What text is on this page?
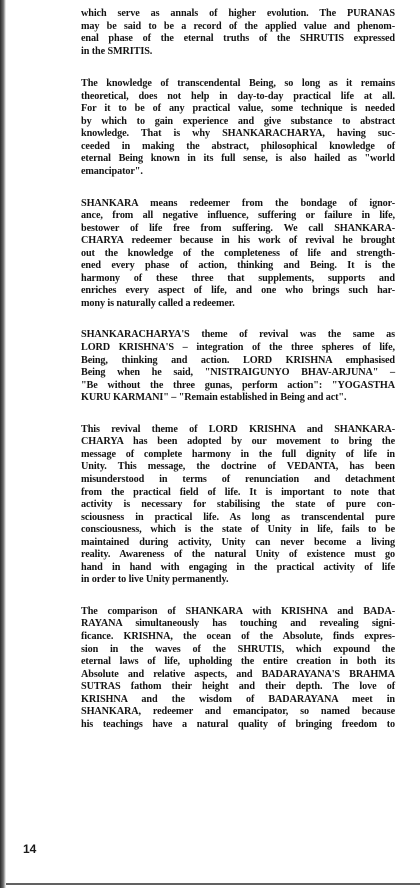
which serve as annals of higher evolution. The PURANAS
may be said to be a record of the applied value and phenom-
enal phase of the eternal truths of the SHRUTIS expressed
in the SMRITIS.

The knowledge of transcendental Being, so long as it remains
theoretical, does not help in day-to-day practical life at all.
For it to be of any practical value, some technique is needed
by which to gain experience and give substance to abstract
knowledge. That is why SHANKARACHARYA, having suc-
ceeded in making the abstract, philosophical knowledge of
eternal Being known in its full sense, is also hailed as "world
emancipator".

SHANKARA means redeemer from the bondage of ignor-
ance, from all negative influence, suffering or failure in life,
bestower of life free from suffering. We call SHANKARA-
CHARYA redeemer because in his work of revival he brought
out the knowledge of the completeness of life and strength-
ened every phase of action, thinking and Being. It is the
harmony of these three that supplements, supports and
enriches every aspect of life, and one who brings such har-
mony is naturally called a redeemer.

SHANKARACHARYA'S theme of revival was the same as
LORD KRISHNA'S – integration of the three spheres of life,
Being, thinking and action. LORD KRISHNA emphasised
Being when he said, "NISTRAIGUNYO BHAV-ARJUNA" –
"Be without the three gunas, perform action": "YOGASTHA
KURU KARMANI" – "Remain established in Being and act".

This revival theme of LORD KRISHNA and SHANKARA-
CHARYA has been adopted by our movement to bring the
message of complete harmony in the full dignity of life in
Unity. This message, the doctrine of VEDANTA, has been
misunderstood in terms of renunciation and detachment
from the practical field of life. It is important to note that
activity is necessary for stabilising the state of pure con-
sciousness in practical life. As long as transcendental pure
consciousness, which is the state of Unity in life, fails to be
maintained during activity, Unity can never become a living
reality. Awareness of the natural Unity of existence must go
hand in hand with engaging in the practical activity of life
in order to live Unity permanently.

The comparison of SHANKARA with KRISHNA and BADA-
RAYANA simultaneously has touching and revealing signi-
ficance. KRISHNA, the ocean of the Absolute, finds expres-
sion in the waves of the SHRUTIS, which expound the
eternal laws of life, upholding the entire creation in both its
Absolute and relative aspects, and BADARAYANA'S BRAHMA
SUTRAS fathom their height and their depth. The love of
KRISHNA and the wisdom of BADARAYANA meet in
SHANKARA, redeemer and emancipator, so named because
his teachings have a natural quality of bringing freedom to

14
